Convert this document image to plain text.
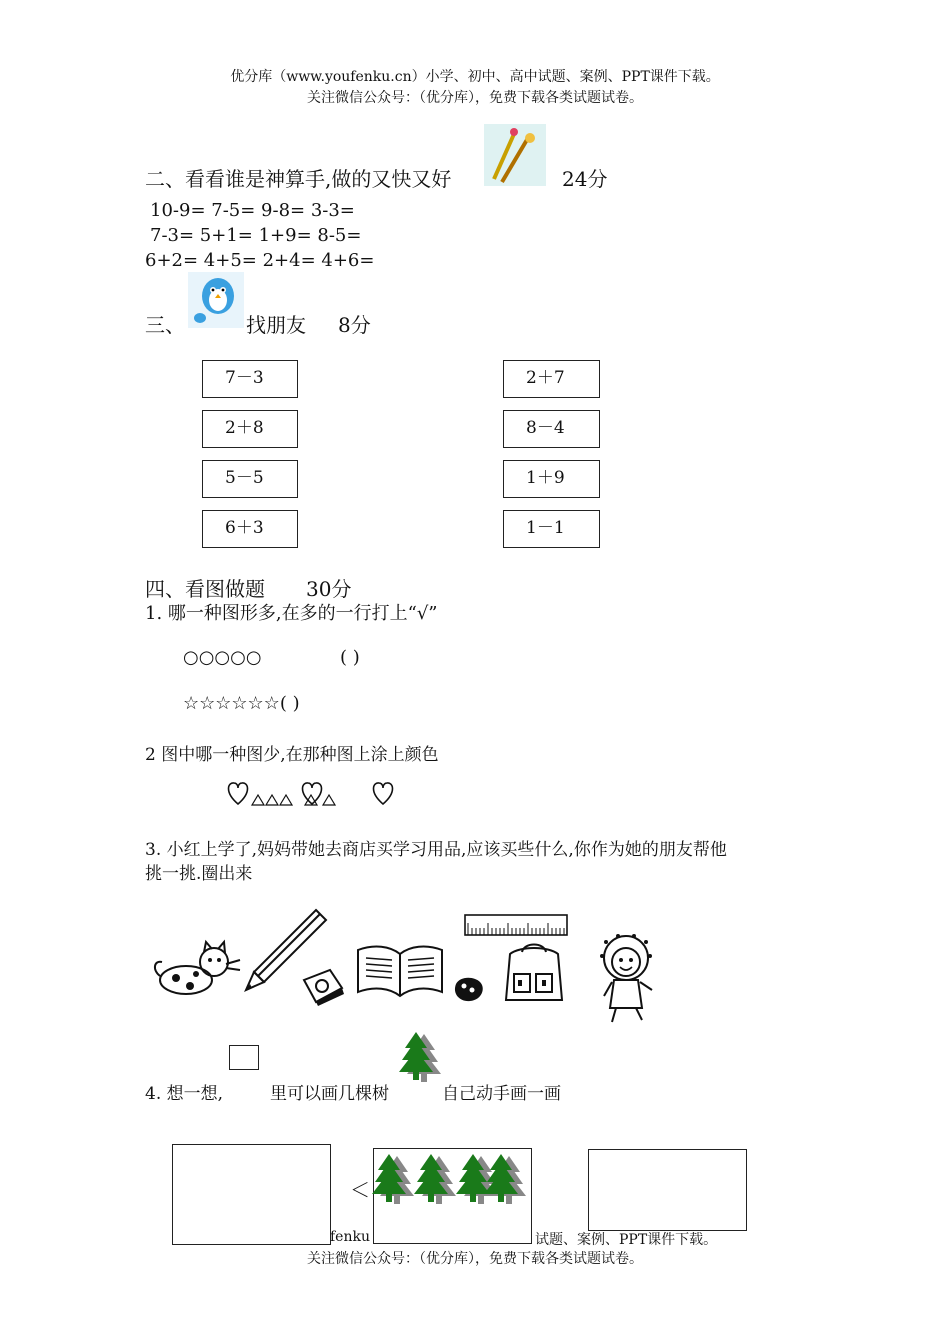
优分库（www.youfenku.cn）小学、初中、高中试题、案例、PPT课件下载。
关注微信公众号：（优分库），免费下载各类试题试卷。
二、看看谁是神算手,做的又快又好	24分
10-9= 7-5= 9-8= 3-3=
7-3= 5+1= 1+9= 8-5=
6+2= 4+5= 2+4= 4+6=
三、	找朋友 8分
7－3
2＋8
5－5
6＋3
2＋7
8－4
1＋9
1－1
四、看图做题 30分
1. 哪一种图形多,在多的一行打上“√”
○○○○○	( )
☆☆☆☆☆☆( )
2 图中哪一种图少,在那种图上涂上颜色
3. 小红上学了,妈妈带她去商店买学习用品,应该买些什么,你作为她的朋友帮他
挑一挑.圈出来
4. 想一想,	里可以画几棵树	自己动手画一画
fenku	试题、案例、PPT课件下载。
关注微信公众号：（优分库），免费下载各类试题试卷。
＜
